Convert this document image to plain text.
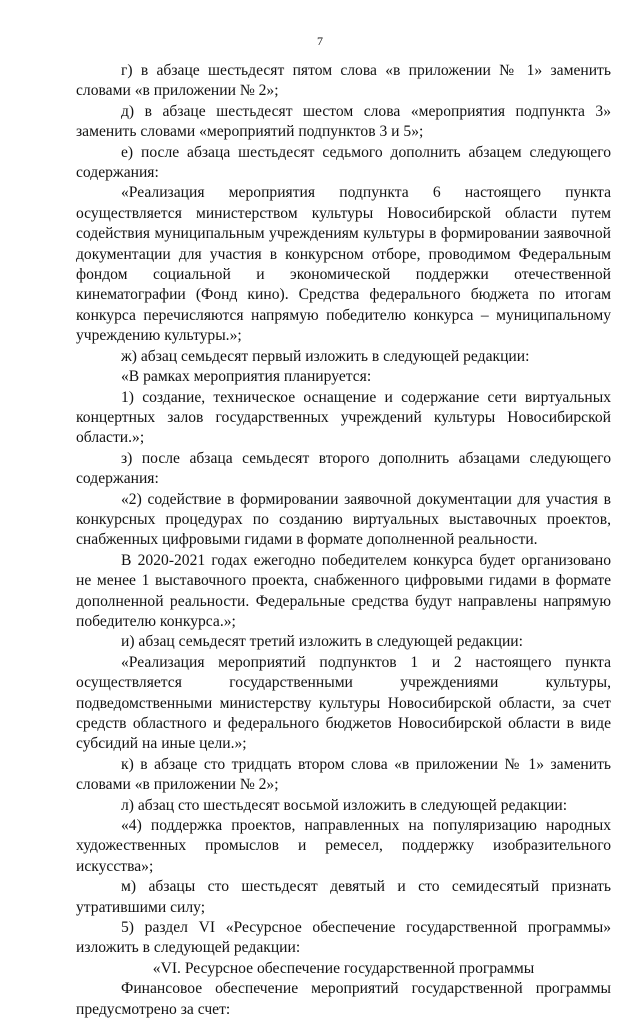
7

г) в абзаце шестьдесят пятом слова «в приложении № 1» заменить словами «в приложении № 2»;

д) в абзаце шестьдесят шестом слова «мероприятия подпункта 3» заменить словами «мероприятий подпунктов 3 и 5»;

е) после абзаца шестьдесят седьмого дополнить абзацем следующего содержания:

«Реализация мероприятия подпункта 6 настоящего пункта осуществляется министерством культуры Новосибирской области путем содействия муниципальным учреждениям культуры в формировании заявочной документации для участия в конкурсном отборе, проводимом Федеральным фондом социальной и экономической поддержки отечественной кинематографии (Фонд кино). Средства федерального бюджета по итогам конкурса перечисляются напрямую победителю конкурса – муниципальному учреждению культуры.»;

ж) абзац семьдесят первый изложить в следующей редакции:

«В рамках мероприятия планируется:

1) создание, техническое оснащение и содержание сети виртуальных концертных залов государственных учреждений культуры Новосибирской области.»;

з) после абзаца семьдесят второго дополнить абзацами следующего содержания:

«2) содействие в формировании заявочной документации для участия в конкурсных процедурах по созданию виртуальных выставочных проектов, снабженных цифровыми гидами в формате дополненной реальности.

В 2020-2021 годах ежегодно победителем конкурса будет организовано не менее 1 выставочного проекта, снабженного цифровыми гидами в формате дополненной реальности. Федеральные средства будут направлены напрямую победителю конкурса.»;

и) абзац семьдесят третий изложить в следующей редакции:

«Реализация мероприятий подпунктов 1 и 2 настоящего пункта осуществляется государственными учреждениями культуры, подведомственными министерству культуры Новосибирской области, за счет средств областного и федерального бюджетов Новосибирской области в виде субсидий на иные цели.»;

к) в абзаце сто тридцать втором слова «в приложении № 1» заменить словами «в приложении № 2»;

л) абзац сто шестьдесят восьмой изложить в следующей редакции:

«4) поддержка проектов, направленных на популяризацию народных художественных промыслов и ремесел, поддержку изобразительного искусства»;

м) абзацы сто шестьдесят девятый и сто семидесятый признать утратившими силу;

5) раздел VI «Ресурсное обеспечение государственной программы» изложить в следующей редакции:

«VI. Ресурсное обеспечение государственной программы

Финансовое обеспечение мероприятий государственной программы предусмотрено за счет:
